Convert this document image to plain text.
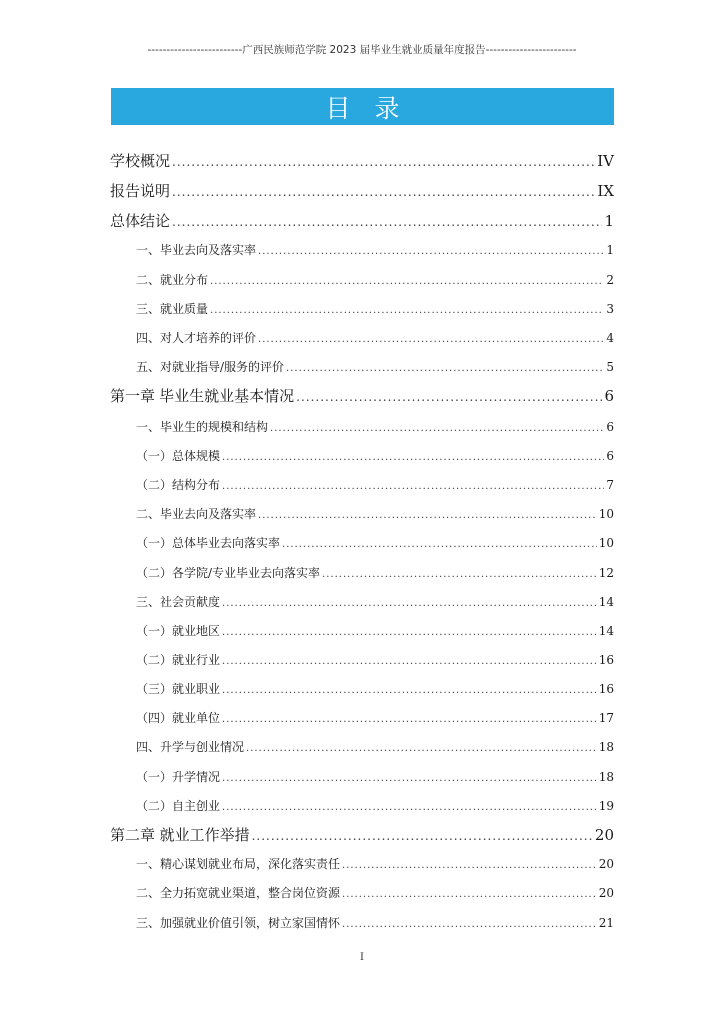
-------------------------广西民族师范学院 2023 届毕业生就业质量年度报告------------------------
目录
学校概况 .....	IV
报告说明 .....	IX
总体结论 .....	1
一、毕业去向及落实率 .....	1
二、就业分布 .....	2
三、就业质量 .....	3
四、对人才培养的评价 .....	4
五、对就业指导/服务的评价 .....	5
第一章 毕业生就业基本情况 .....	6
一、毕业生的规模和结构 .....	6
（一）总体规模 .....	6
（二）结构分布 .....	7
二、毕业去向及落实率 .....	10
（一）总体毕业去向落实率 .....	10
（二）各学院/专业毕业去向落实率 .....	12
三、社会贡献度 .....	14
（一）就业地区 .....	14
（二）就业行业 .....	16
（三）就业职业 .....	16
（四）就业单位 .....	17
四、升学与创业情况 .....	18
（一）升学情况 .....	18
（二）自主创业 .....	19
第二章 就业工作举措 .....	20
一、精心谋划就业布局，深化落实责任 .....	20
二、全力拓宽就业渠道，整合岗位资源 .....	20
三、加强就业价值引领，树立家国情怀 .....	21
I
